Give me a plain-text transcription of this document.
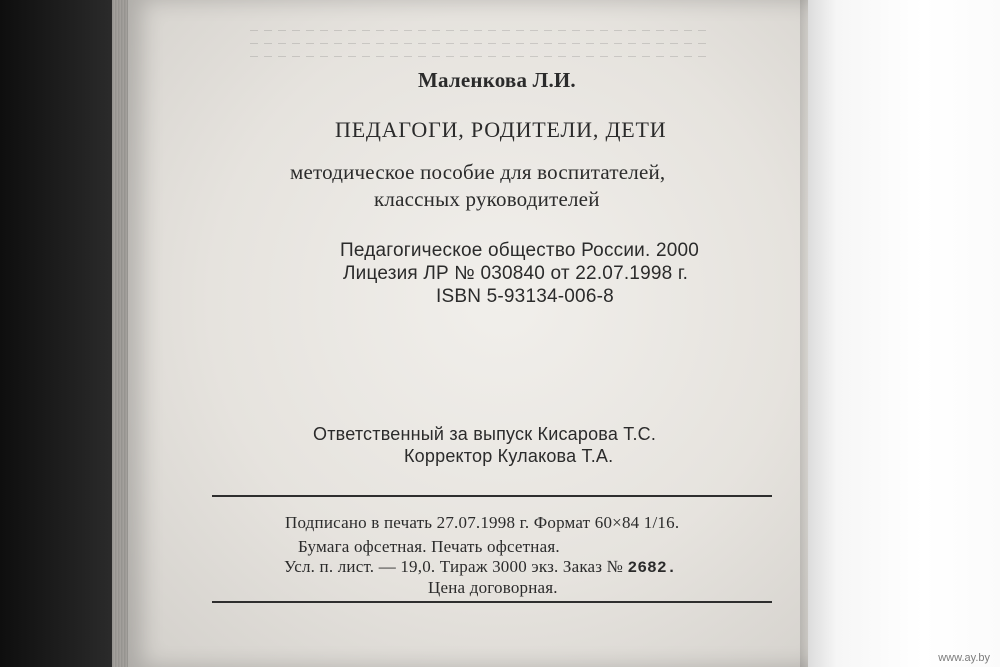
Маленкова Л.И.
ПЕДАГОГИ, РОДИТЕЛИ, ДЕТИ
методическое пособие для воспитателей,
классных руководителей
Педагогическое общество России. 2000
Лицезия ЛР № 030840 от 22.07.1998 г.
ISBN 5-93134-006-8
Ответственный за выпуск Кисарова Т.С.
Корректор Кулакова Т.А.
Подписано в печать 27.07.1998 г. Формат 60×84 1/16.
Бумага офсетная. Печать офсетная.
Усл. п. лист. — 19,0. Тираж 3000 экз. Заказ № 2682.
Цена договорная.
www.ay.by
